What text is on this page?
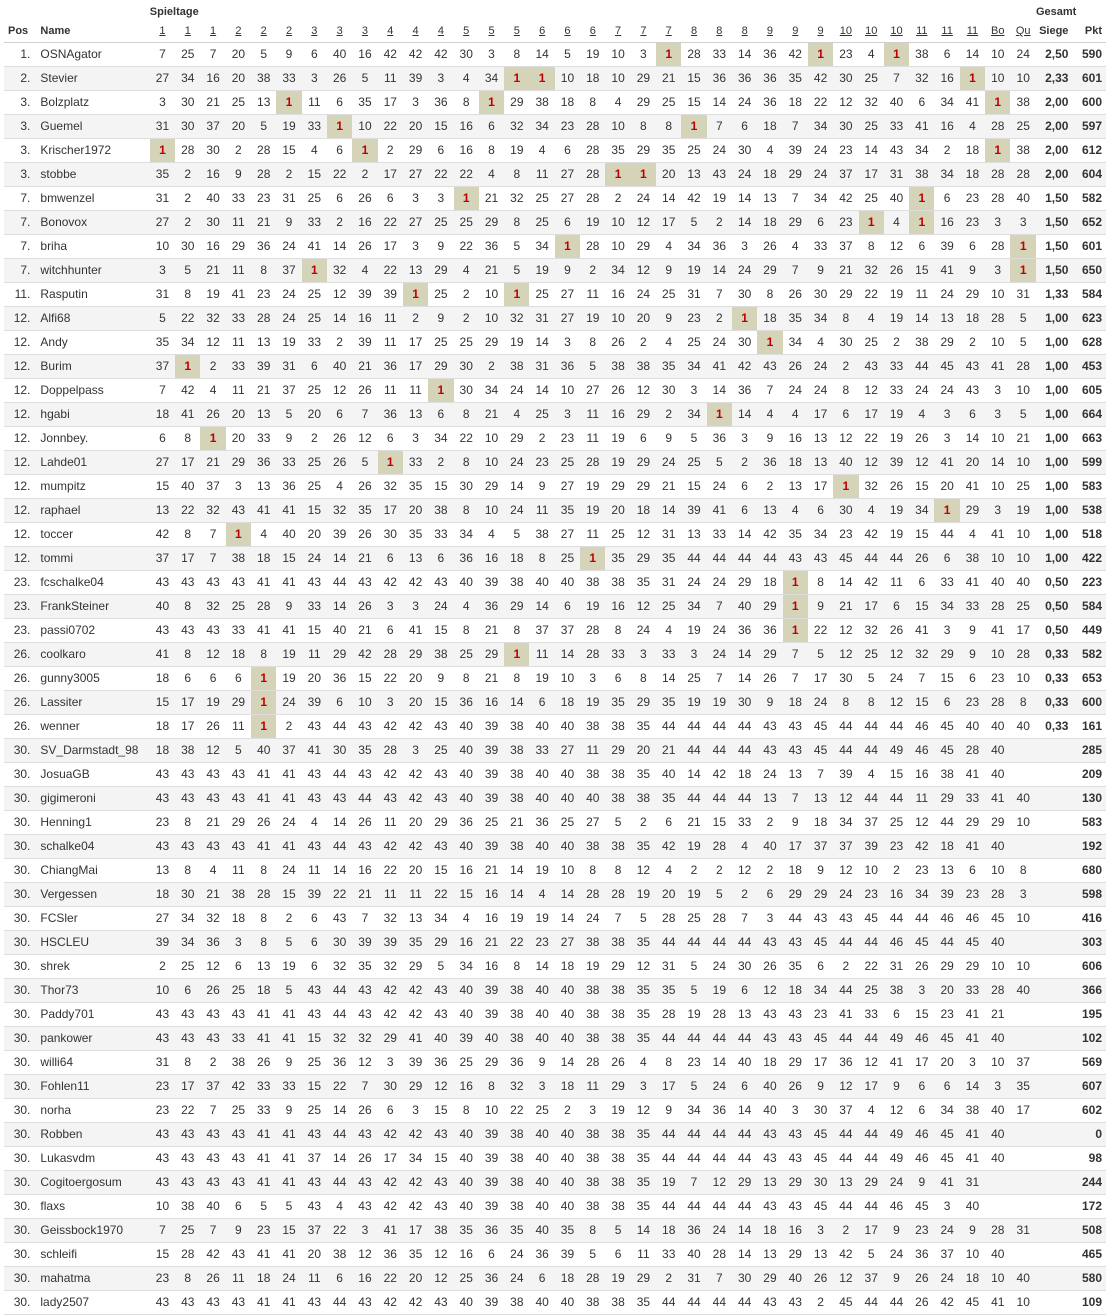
		Spieltage																																			Gesamt	
Pos	Name	1	1	1	2	2	2	3	3	3	4	4	4	5	5	5	6	6	6	7	7	7	8	8	8	9	9	9	10	10	10	11	11	11	Bo	Qu	Siege	Pkt
1.	OSNAgator	7	25	7	20	5	9	6	40	16	42	42	42	30	3	8	14	5	19	10	3	1	28	33	14	36	42	1	23	4	1	38	6	14	10	24	2,50	590
2.	Stevier	27	34	16	20	38	33	3	26	5	11	39	3	4	34	1	1	10	18	10	29	21	15	36	36	36	35	42	30	25	7	32	16	1	10	10	2,33	601
3.	Bolzplatz	3	30	21	25	13	1	11	6	35	17	3	36	8	1	29	38	18	8	4	29	25	15	14	24	36	18	22	12	32	40	6	34	41	1	38	2,00	600
3.	Guemel	31	30	37	20	5	19	33	1	10	22	20	15	16	6	32	34	23	28	10	8	8	1	7	6	18	7	34	30	25	33	41	16	4	28	25	2,00	597
3.	Krischer1972	1	28	30	2	28	15	4	6	1	2	29	6	16	8	19	4	6	28	35	29	35	25	24	30	4	39	24	23	14	43	34	2	18	1	38	2,00	612
3.	stobbe	35	2	16	9	28	2	15	22	2	17	27	22	22	4	8	11	27	28	1	1	20	13	43	24	18	29	24	37	17	31	38	34	18	28	28	2,00	604
7.	bmwenzel	31	2	40	33	23	31	25	6	26	6	3	3	1	21	32	25	27	28	2	24	14	42	19	14	13	7	34	42	25	40	1	6	23	28	40	1,50	582
7.	Bonovox	27	2	30	11	21	9	33	2	16	22	27	25	25	29	8	25	6	19	10	12	17	5	2	14	18	29	6	23	1	4	1	16	23	3	3	1,50	652
7.	briha	10	30	16	29	36	24	41	14	26	17	3	9	22	36	5	34	1	28	10	29	4	34	36	3	26	4	33	37	8	12	6	39	6	28	1	1,50	601
7.	witchhunter	3	5	21	11	8	37	1	32	4	22	13	29	4	21	5	19	9	2	34	12	9	19	14	24	29	7	9	21	32	26	15	41	9	3	1	1,50	650
11.	Rasputin	31	8	19	41	23	24	25	12	39	39	1	25	2	10	1	25	27	11	16	24	25	31	7	30	8	26	30	29	22	19	11	24	29	10	31	1,33	584
12.	Alfi68	5	22	32	33	28	24	25	14	16	11	2	9	2	10	32	31	27	19	10	20	9	23	2	1	18	35	34	8	4	19	14	13	18	28	5	1,00	623
12.	Andy	35	34	12	11	13	19	33	2	39	11	17	25	25	29	19	14	3	8	26	2	4	25	24	30	1	34	4	30	25	2	38	29	2	10	5	1,00	628
12.	Burim	37	1	2	33	39	31	6	40	21	36	17	29	30	2	38	31	36	5	38	38	35	34	41	42	43	26	24	2	43	33	44	45	43	41	28	1,00	453
12.	Doppelpass	7	42	4	11	21	37	25	12	26	11	11	1	30	34	24	14	10	27	26	12	30	3	14	36	7	24	24	8	12	33	24	24	43	3	10	1,00	605
12.	hgabi	18	41	26	20	13	5	20	6	7	36	13	6	8	21	4	25	3	11	16	29	2	34	1	14	4	4	17	6	17	19	4	3	6	3	5	1,00	664
12.	Jonnbey.	6	8	1	20	33	9	2	26	12	6	3	34	22	10	29	2	23	11	19	6	9	5	36	3	9	16	13	12	22	19	26	3	14	10	21	1,00	663
12.	Lahde01	27	17	21	29	36	33	25	26	5	1	33	2	8	10	24	23	25	28	19	29	24	25	5	2	36	18	13	40	12	39	12	41	20	14	10	1,00	599
12.	mumpitz	15	40	37	3	13	36	25	4	26	32	35	15	30	29	14	9	27	19	29	29	21	15	24	6	2	13	17	1	32	26	15	20	41	10	25	1,00	583
12.	raphael	13	22	32	43	41	41	15	32	35	17	20	38	8	10	24	11	35	19	20	18	14	39	41	6	13	4	6	30	4	19	34	1	29	3	19	1,00	538
12.	toccer	42	8	7	1	4	40	20	39	26	30	35	33	34	4	5	38	27	11	25	12	31	13	33	14	42	35	34	23	42	19	15	44	4	41	10	1,00	518
12.	tommi	37	17	7	38	18	15	24	14	21	6	13	6	36	16	18	8	25	1	35	29	35	44	44	44	44	43	43	45	44	44	26	6	38	10	10	1,00	422
23.	fcschalke04	43	43	43	43	41	41	43	44	43	42	42	43	40	39	38	40	40	38	38	35	31	24	24	29	18	1	8	14	42	11	6	33	41	40	40	0,50	223
23.	FrankSteiner	40	8	32	25	28	9	33	14	26	3	3	24	4	36	29	14	6	19	16	12	25	34	7	40	29	1	9	21	17	6	15	34	33	28	25	0,50	584
23.	passi0702	43	43	43	33	41	41	15	40	21	6	41	15	8	21	8	37	37	28	8	24	4	19	24	36	36	1	22	12	32	26	41	3	9	41	17	0,50	449
26.	coolkaro	41	8	12	18	8	19	11	29	42	28	29	38	25	29	1	11	14	28	33	3	33	3	24	14	29	7	5	12	25	12	32	29	9	10	28	0,33	582
26.	gunny3005	18	6	6	6	1	19	20	36	15	22	20	9	8	21	8	19	10	3	6	8	14	25	7	14	26	7	17	30	5	24	7	15	6	23	10	0,33	653
26.	Lassiter	15	17	19	29	1	24	39	6	10	3	20	15	36	16	14	6	18	19	35	29	35	19	19	30	9	18	24	8	8	12	15	6	23	28	8	0,33	600
26.	wenner	18	17	26	11	1	2	43	44	43	42	42	43	40	39	38	40	40	38	38	35	44	44	44	44	43	43	45	44	44	44	46	45	40	40	40	0,33	161
30.	SV_Darmstadt_98	18	38	12	5	40	37	41	30	35	28	3	25	40	39	38	33	27	11	29	20	21	44	44	44	43	43	45	44	44	49	46	45	28	40			285
30.	JosuaGB	43	43	43	43	41	41	43	44	43	42	42	43	40	39	38	40	40	38	38	35	40	14	42	18	24	13	7	39	4	15	16	38	41	40			209
30.	gigimeroni	43	43	43	43	41	41	43	43	44	43	42	43	40	39	38	40	40	40	38	38	35	44	44	44	13	7	13	12	44	44	11	29	33	41	40		130
30.	Henning1	23	8	21	29	26	24	4	14	26	11	20	29	36	25	21	36	25	27	5	2	6	21	15	33	2	9	18	34	37	25	12	44	29	29	10		583
30.	schalke04	43	43	43	43	41	41	43	44	43	42	42	43	40	39	38	40	40	38	38	35	42	19	28	4	40	17	37	37	39	23	42	18	41	40			192
30.	ChiangMai	13	8	4	11	8	24	11	14	16	22	20	15	16	21	14	19	10	8	8	12	4	2	2	12	2	18	9	12	10	2	23	13	6	10	8		680
30.	Vergessen	18	30	21	38	28	15	39	22	21	11	11	22	15	16	14	4	14	28	28	19	20	19	5	2	6	29	29	24	23	16	34	39	23	28	3		598
30.	FCSler	27	34	32	18	8	2	6	43	7	32	13	34	4	16	19	19	14	24	7	5	28	25	28	7	3	44	43	43	45	44	44	46	46	45	10		416
30.	HSCLEU	39	34	36	3	8	5	6	30	39	39	35	29	16	21	22	23	27	38	38	35	44	44	44	44	43	43	45	44	44	46	45	44	45	40			303
30.	shrek	2	25	12	6	13	19	6	32	35	32	29	5	34	16	8	14	18	19	29	12	31	5	24	30	26	35	6	2	22	31	26	29	29	10	10		606
30.	Thor73	10	6	26	25	18	5	43	44	43	42	42	43	40	39	38	40	40	38	38	35	35	5	19	6	12	18	34	44	25	38	3	20	33	28	40		366
30.	Paddy701	43	43	43	43	41	41	43	44	43	42	42	43	40	39	38	40	40	38	38	35	28	19	28	13	43	43	23	41	33	6	15	23	41	21			195
30.	pankower	43	43	43	33	41	41	15	32	32	29	41	40	39	40	38	40	40	38	38	35	44	44	44	44	43	43	45	44	44	49	46	45	41	40			102
30.	willi64	31	8	2	38	26	9	25	36	12	3	39	36	25	29	36	9	14	28	26	4	8	23	14	40	18	29	17	36	12	41	17	20	3	10	37		569
30.	Fohlen11	23	17	37	42	33	33	15	22	7	30	29	12	16	8	32	3	18	11	29	3	17	5	24	6	40	26	9	12	17	9	6	6	14	3	35		607
30.	norha	23	22	7	25	33	9	25	14	26	6	3	15	8	10	22	25	2	3	19	12	9	34	36	14	40	3	30	37	4	12	6	34	38	40	17		602
30.	Robben	43	43	43	43	41	41	43	44	43	42	42	43	40	39	38	40	40	38	38	35	44	44	44	44	43	43	45	44	44	49	46	45	41	40			0
30.	Lukasvdm	43	43	43	43	41	41	37	14	26	17	34	15	40	39	38	40	40	38	38	35	44	44	44	44	43	43	45	44	44	49	46	45	41	40			98
30.	Cogitoergosum	43	43	43	43	41	41	43	44	43	42	42	43	40	39	38	40	40	38	38	35	19	7	12	29	13	29	30	13	29	24	9	41	31				244
30.	flaxs	10	38	40	6	5	5	43	4	43	42	42	43	40	39	38	40	40	38	38	35	44	44	44	44	43	43	45	44	44	46	45	3	40				172
30.	Geissbock1970	7	25	7	9	23	15	37	22	3	41	17	38	35	36	35	40	35	8	5	14	18	36	24	14	18	16	3	2	17	9	23	24	9	28	31		508
30.	schleifi	15	28	42	43	41	41	20	38	12	36	35	12	16	6	24	36	39	5	6	11	33	40	28	14	13	29	13	42	5	24	36	37	10	40			465
30.	mahatma	23	8	26	11	18	24	11	6	16	22	20	12	25	36	24	6	18	28	19	29	2	31	7	30	29	40	26	12	37	9	26	24	18	10	40		580
30.	lady2507	43	43	43	43	41	41	43	44	43	42	42	43	40	39	38	40	40	38	38	35	44	44	44	44	43	43	2	45	44	44	26	42	45	41	10		109
